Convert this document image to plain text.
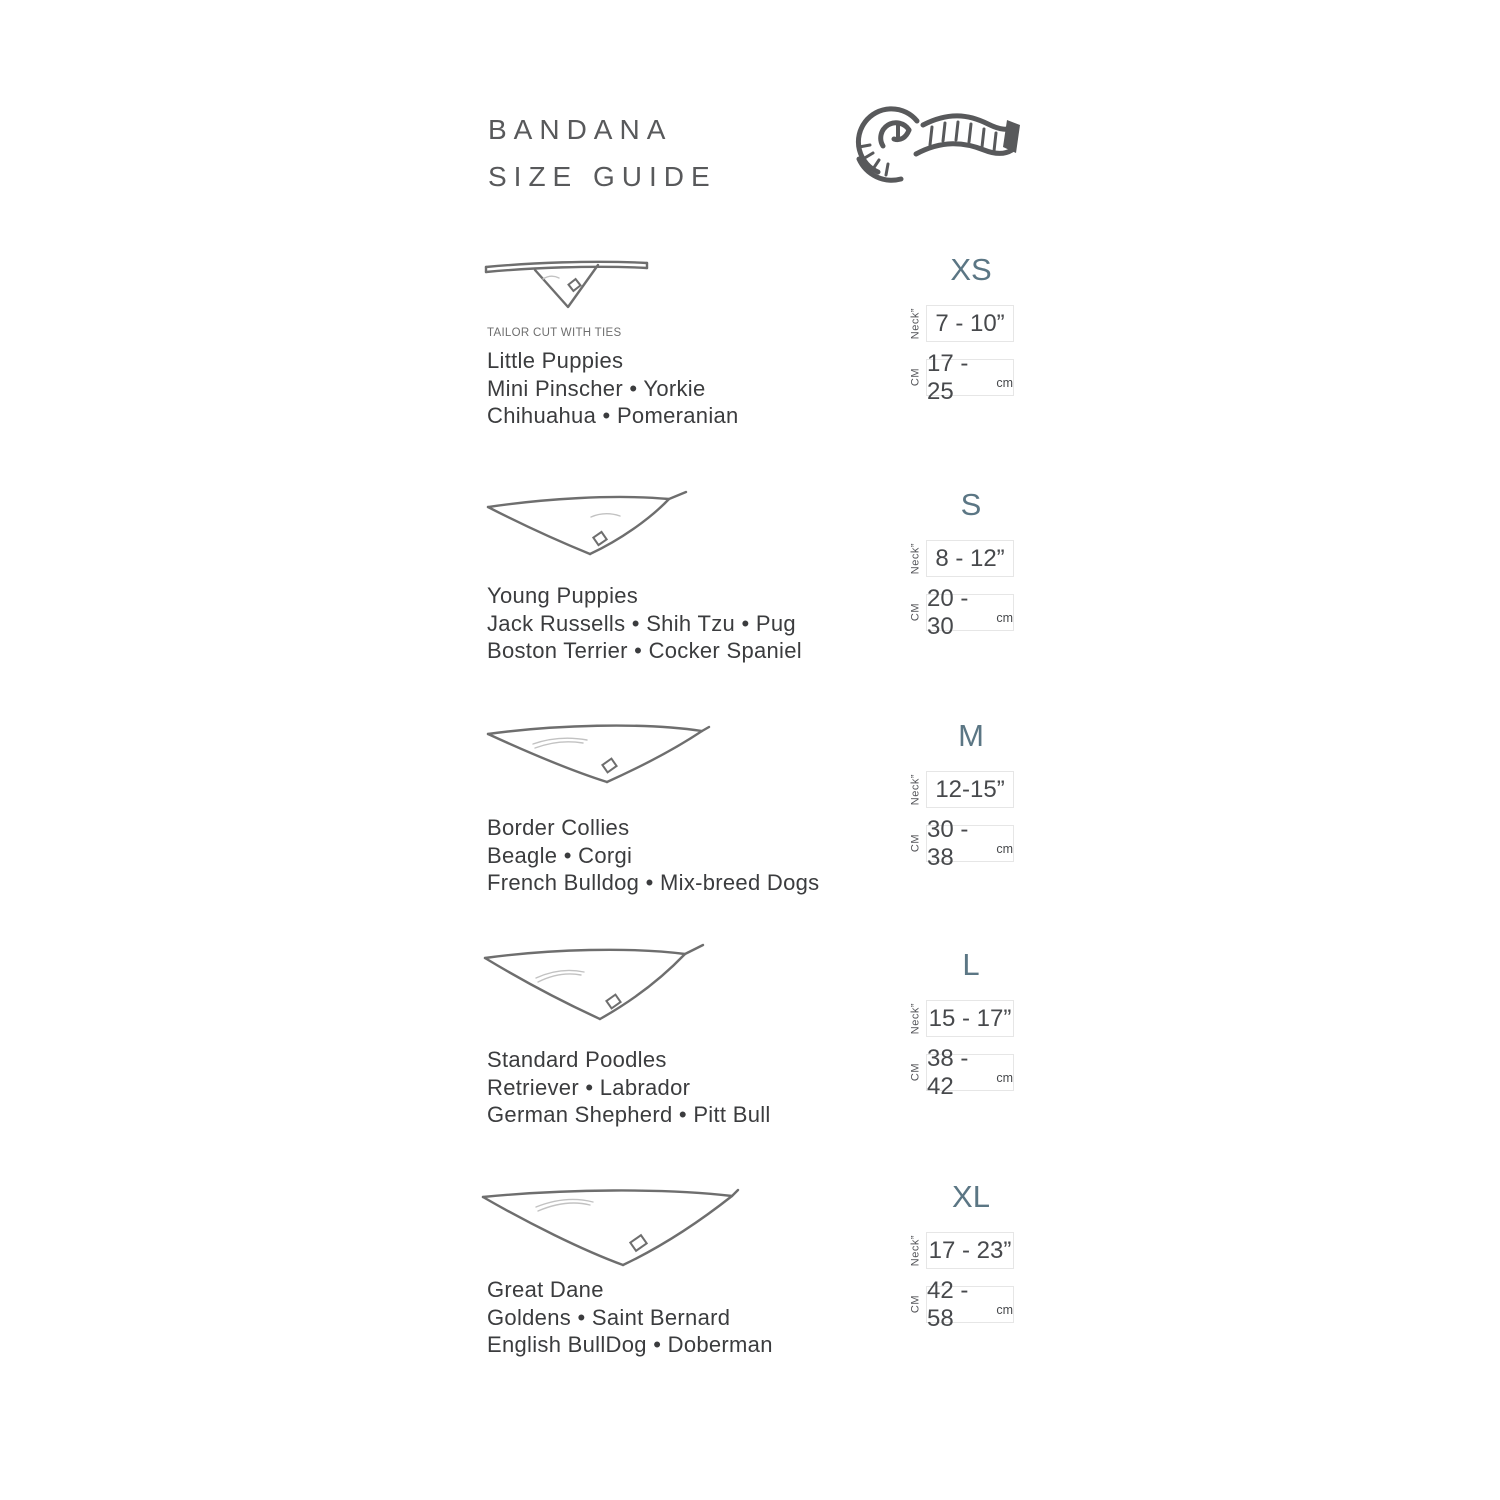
BANDANA
SIZE GUIDE
TAILOR CUT WITH TIES
Little Puppies
Mini Pinscher • Yorkie
Chihuahua • Pomeranian
XS
Neck” 7 - 10”
CM
17 - 25	cm
Young Puppies
Jack Russells • Shih Tzu • Pug
Boston Terrier • Cocker Spaniel
S
Neck” 8 - 12”
CM
20 - 30	cm
Border Collies
Beagle • Corgi
French Bulldog • Mix-breed Dogs
M
Neck” 12-15”
CM
30 - 38	cm
Standard Poodles
Retriever • Labrador
German Shepherd • Pitt Bull
L
Neck” 15 - 17”
CM
38 - 42	cm
Great Dane
Goldens • Saint Bernard
English BullDog • Doberman
XL
Neck” 17 - 23”
CM
42 - 58	cm
